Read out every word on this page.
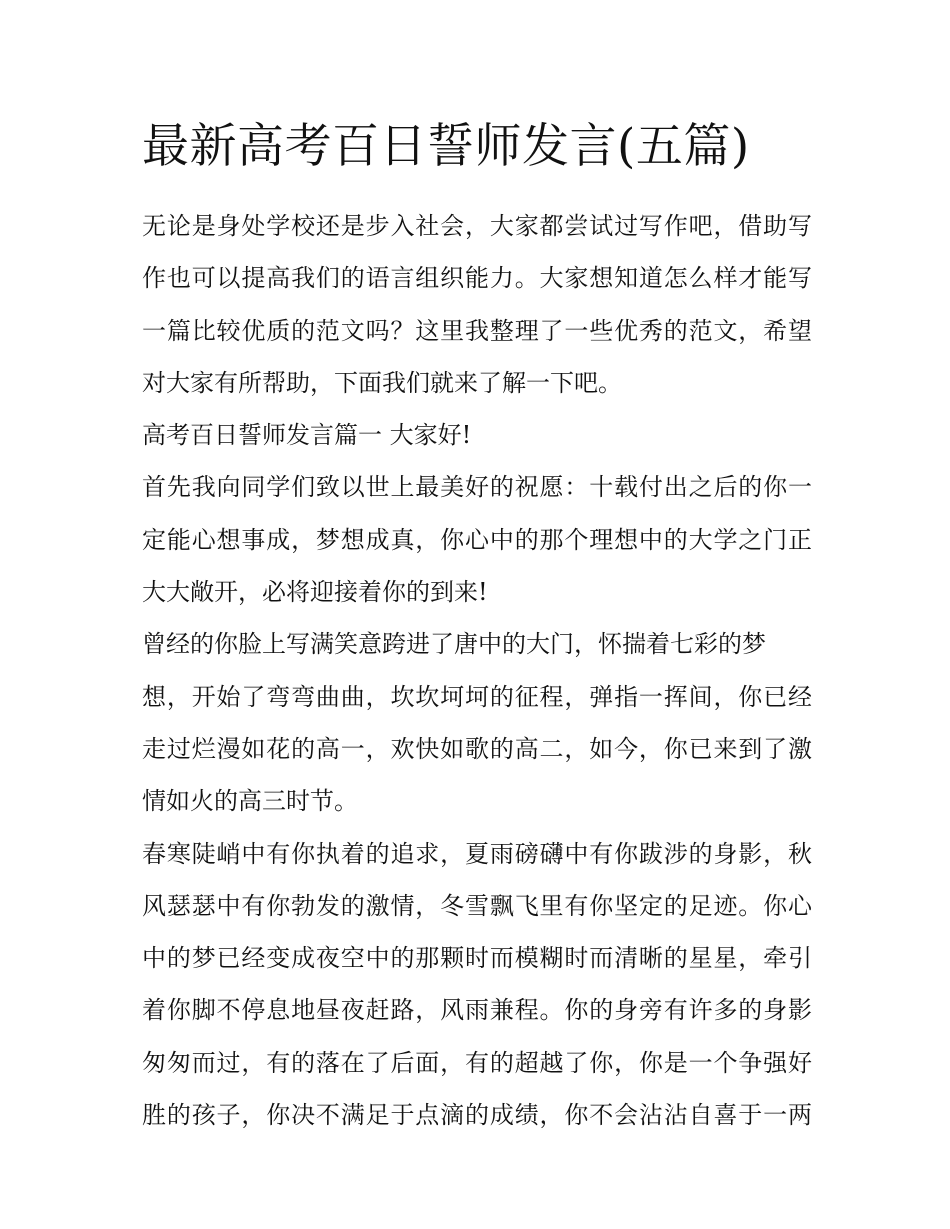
最新高考百日誓师发言(五篇)
无论是身处学校还是步入社会，大家都尝试过写作吧，借助写
作也可以提高我们的语言组织能力。大家想知道怎么样才能写
一篇比较优质的范文吗？这里我整理了一些优秀的范文，希望
对大家有所帮助，下面我们就来了解一下吧。
高考百日誓师发言篇一 大家好!
首先我向同学们致以世上最美好的祝愿：十载付出之后的你一
定能心想事成，梦想成真，你心中的那个理想中的大学之门正
大大敞开，必将迎接着你的到来!
曾经的你脸上写满笑意跨进了唐中的大门，怀揣着七彩的梦
想，开始了弯弯曲曲，坎坎坷坷的征程，弹指一挥间，你已经
走过烂漫如花的高一，欢快如歌的高二，如今，你已来到了激
情如火的高三时节。
春寒陡峭中有你执着的追求，夏雨磅礴中有你跋涉的身影，秋
风瑟瑟中有你勃发的激情，冬雪飘飞里有你坚定的足迹。你心
中的梦已经变成夜空中的那颗时而模糊时而清晰的星星，牵引
着你脚不停息地昼夜赶路，风雨兼程。你的身旁有许多的身影
匆匆而过，有的落在了后面，有的超越了你，你是一个争强好
胜的孩子，你决不满足于点滴的成绩，你不会沾沾自喜于一两
